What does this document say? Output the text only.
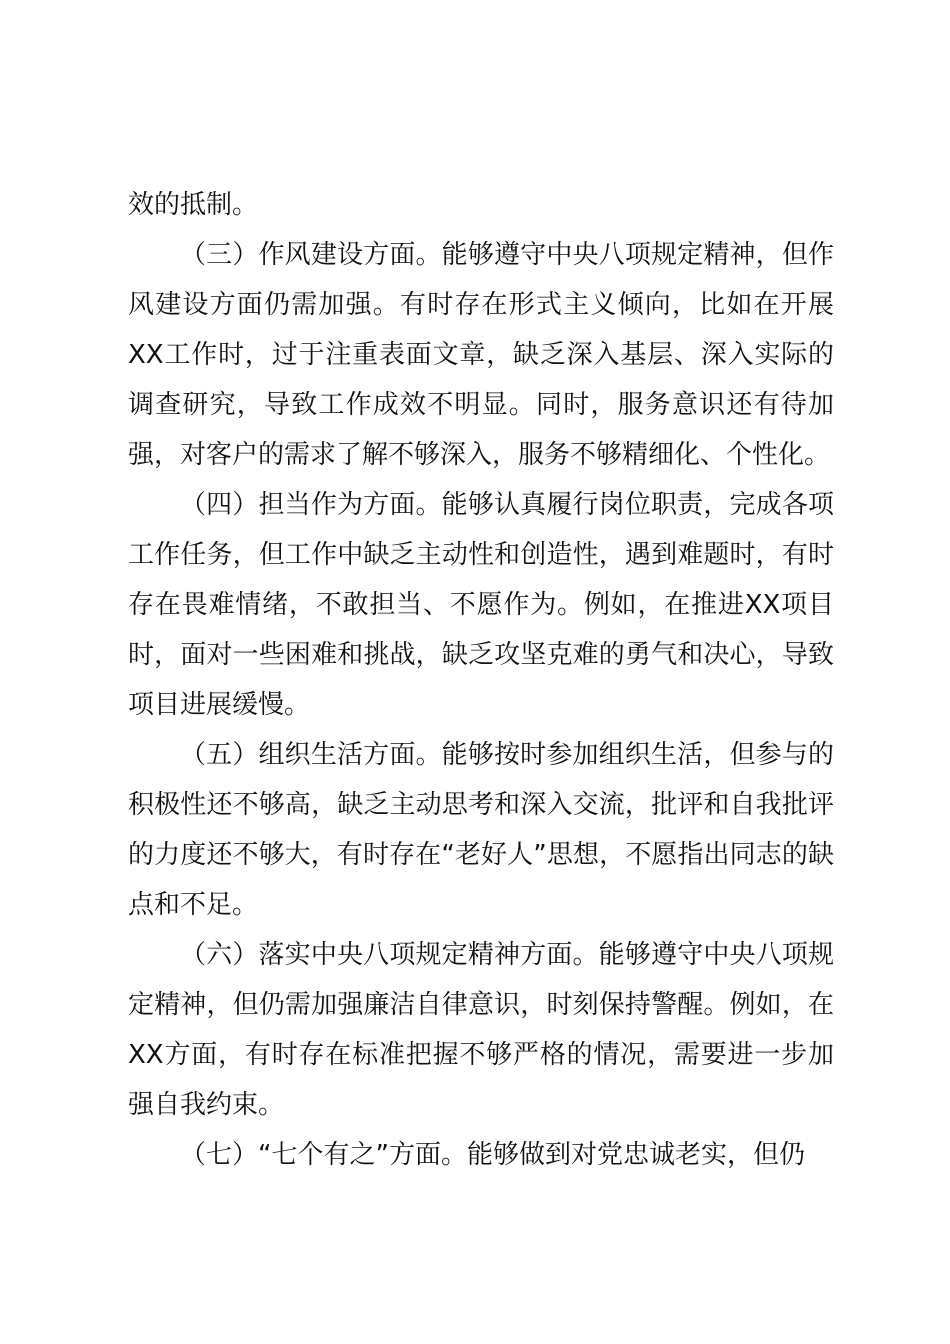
效的抵制。

（三）作风建设方面。能够遵守中央八项规定精神，但作风建设方面仍需加强。有时存在形式主义倾向，比如在开展XX工作时，过于注重表面文章，缺乏深入基层、深入实际的调查研究，导致工作成效不明显。同时，服务意识还有待加强，对客户的需求了解不够深入，服务不够精细化、个性化。

（四）担当作为方面。能够认真履行岗位职责，完成各项工作任务，但工作中缺乏主动性和创造性，遇到难题时，有时存在畏难情绪，不敢担当、不愿作为。例如，在推进XX项目时，面对一些困难和挑战，缺乏攻坚克难的勇气和决心，导致项目进展缓慢。

（五）组织生活方面。能够按时参加组织生活，但参与的积极性还不够高，缺乏主动思考和深入交流，批评和自我批评的力度还不够大，有时存在“老好人”思想，不愿指出同志的缺点和不足。

（六）落实中央八项规定精神方面。能够遵守中央八项规定精神，但仍需加强廉洁自律意识，时刻保持警醒。例如，在XX方面，有时存在标准把握不够严格的情况，需要进一步加强自我约束。

（七）“七个有之”方面。能够做到对党忠诚老实，但仍
